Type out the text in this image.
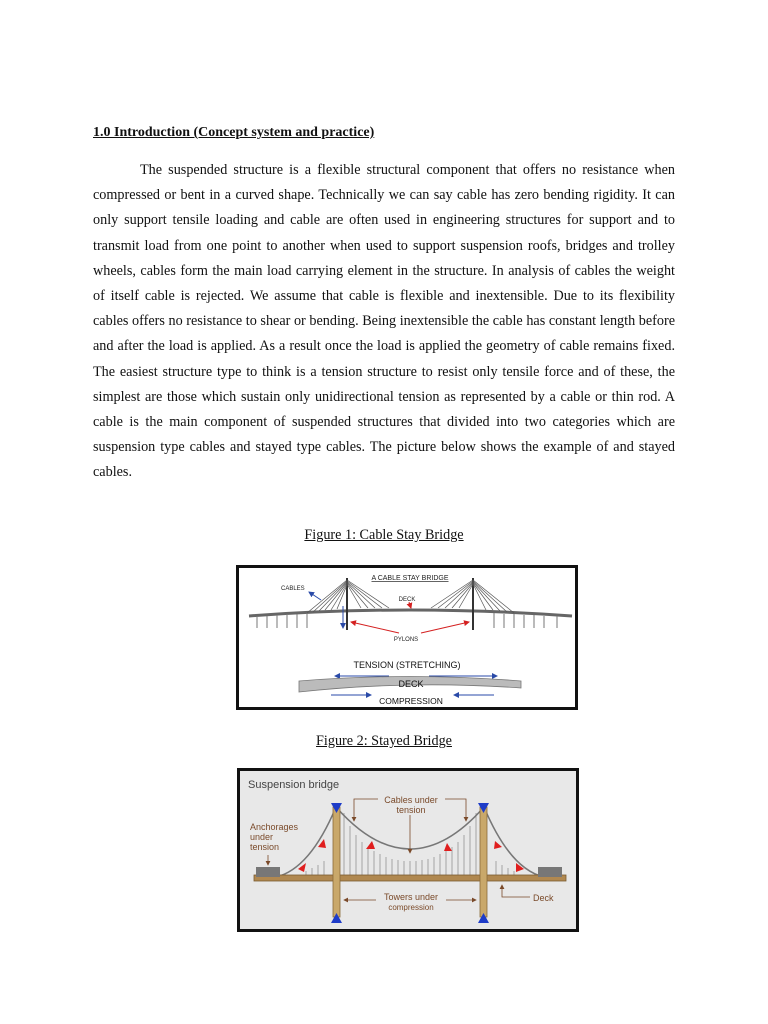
1.0 Introduction (Concept system and practice)

The suspended structure is a flexible structural component that offers no resistance when compressed or bent in a curved shape. Technically we can say cable has zero bending rigidity. It can only support tensile loading and cable are often used in engineering structures for support and to transmit load from one point to another when used to support suspension roofs, bridges and trolley wheels, cables form the main load carrying element in the structure. In analysis of cables the weight of itself cable is rejected. We assume that cable is flexible and inextensible. Due to its flexibility cables offers no resistance to shear or bending. Being inextensible the cable has constant length before and after the load is applied. As a result once the load is applied the geometry of cable remains fixed. The easiest structure type to think is a tension structure to resist only tensile force and of these, the simplest are those which sustain only unidirectional tension as represented by a cable or thin rod. A cable is the main component of suspended structures that divided into two categories which are suspension type cables and stayed type cables. The picture below shows the example of and stayed cables.

Figure 1: Cable Stay Bridge

A CABLE STAY BRIDGE
CABLES
DECK
PYLONS
TENSION (STRETCHING)
DECK
COMPRESSION

Figure 2: Stayed Bridge

Suspension bridge
Cables under
tension
Anchorages
under
tension
Towers under
compression
Deck
